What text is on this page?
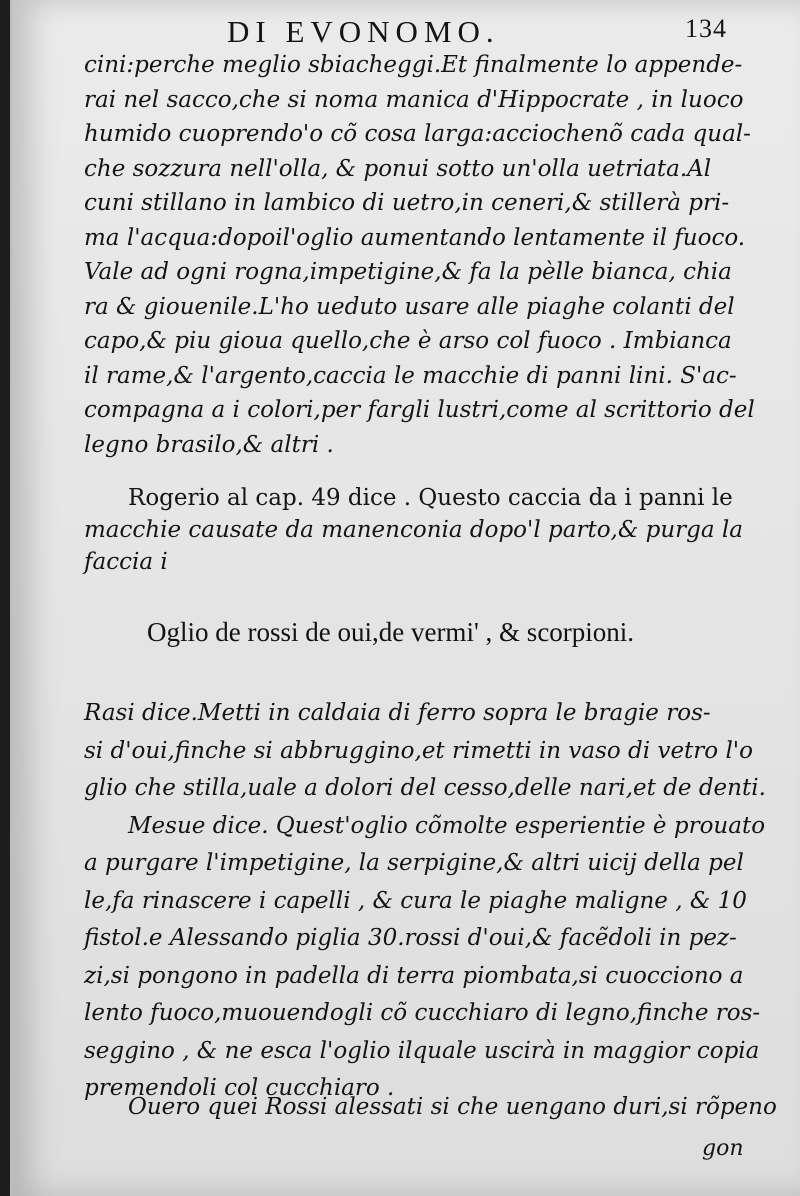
DI EVONOMO.	134
cini:perche meglio sbiacheggi.Et finalmente lo appende-
rai nel sacco,che si noma manica d'Hippocrate , in luoco
humido cuoprendo'o cõ cosa larga:acciochenõ cada qual-
che sozzura nell'olla, & ponui sotto un'olla uetriata.Al
cuni stillano in lambico di uetro,in ceneri,& stillerà pri-
ma l'acqua:dopoil'oglio aumentando lentamente il fuoco.
Vale ad ogni rogna,impetigine,& fa la pèlle bianca, chia
ra & giouenile.L'ho ueduto usare alle piaghe colanti del
capo,& piu gioua quello,che è arso col fuoco . Imbianca
il rame,& l'argento,caccia le macchie di panni lini. S'ac-
compagna a i colori,per fargli lustri,come al scrittorio del
legno brasilo,& altri .
Rogerio al cap. 49 dice . Questo caccia da i panni le
macchie causate da manenconia dopo'l parto,& purga la
faccia i
Oglio de rossi de oui,de vermi' , & scorpioni.
Rasi dice.Metti in caldaia di ferro sopra le bragie ros-
si d'oui,finche si abbruggino,et rimetti in vaso di vetro l'o
glio che stilla,uale a dolori del cesso,delle nari,et de denti.
Mesue dice. Quest'oglio cõmolte esperientie è prouato
a purgare l'impetigine, la serpigine,& altri uicij della pel
le,fa rinascere i capelli , & cura le piaghe maligne , & 10
fistol.e Alessando piglia 30.rossi d'oui,& facẽdoli in pez-
zi,si pongono in padella di terra piombata,si cuocciono a
lento fuoco,muouendogli cõ cucchiaro di legno,finche ros-
seggino , & ne esca l'oglio ilquale uscirà in maggior copia
premendoli col cucchiaro .
Ouero quei Rossi alessati si che uengano duri,si rõpeno
gon
